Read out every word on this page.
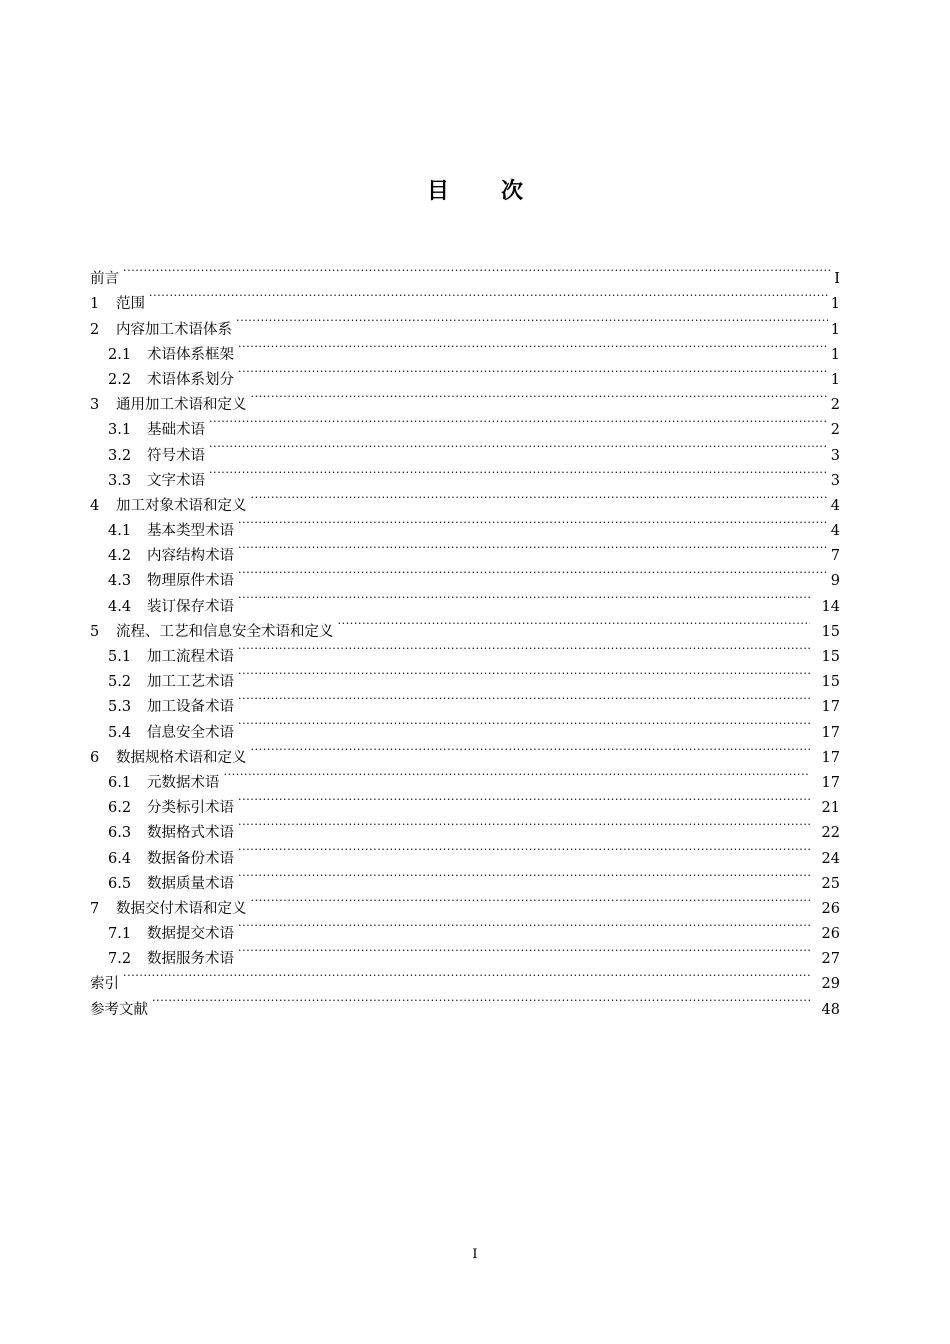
目 次
前言 ·····	I
1	范围 ·····	1
2	内容加工术语体系 ·····	1
2.1	术语体系框架 ·····	1
2.2	术语体系划分 ·····	1
3	通用加工术语和定义 ·····	2
3.1	基础术语 ·····	2
3.2	符号术语 ·····	3
3.3	文字术语 ·····	3
4	加工对象术语和定义 ·····	4
4.1	基本类型术语 ·····	4
4.2	内容结构术语 ·····	7
4.3	物理原件术语 ·····	9
4.4	装订保存术语 ·····	14
5	流程、工艺和信息安全术语和定义 ·····	15
5.1	加工流程术语 ·····	15
5.2	加工工艺术语 ·····	15
5.3	加工设备术语 ·····	17
5.4	信息安全术语 ·····	17
6	数据规格术语和定义 ·····	17
6.1	元数据术语 ·····	17
6.2	分类标引术语 ·····	21
6.3	数据格式术语 ·····	22
6.4	数据备份术语 ·····	24
6.5	数据质量术语 ·····	25
7	数据交付术语和定义 ·····	26
7.1	数据提交术语 ·····	26
7.2	数据服务术语 ·····	27
索引 ·····	29
参考文献 ·····	48
I
